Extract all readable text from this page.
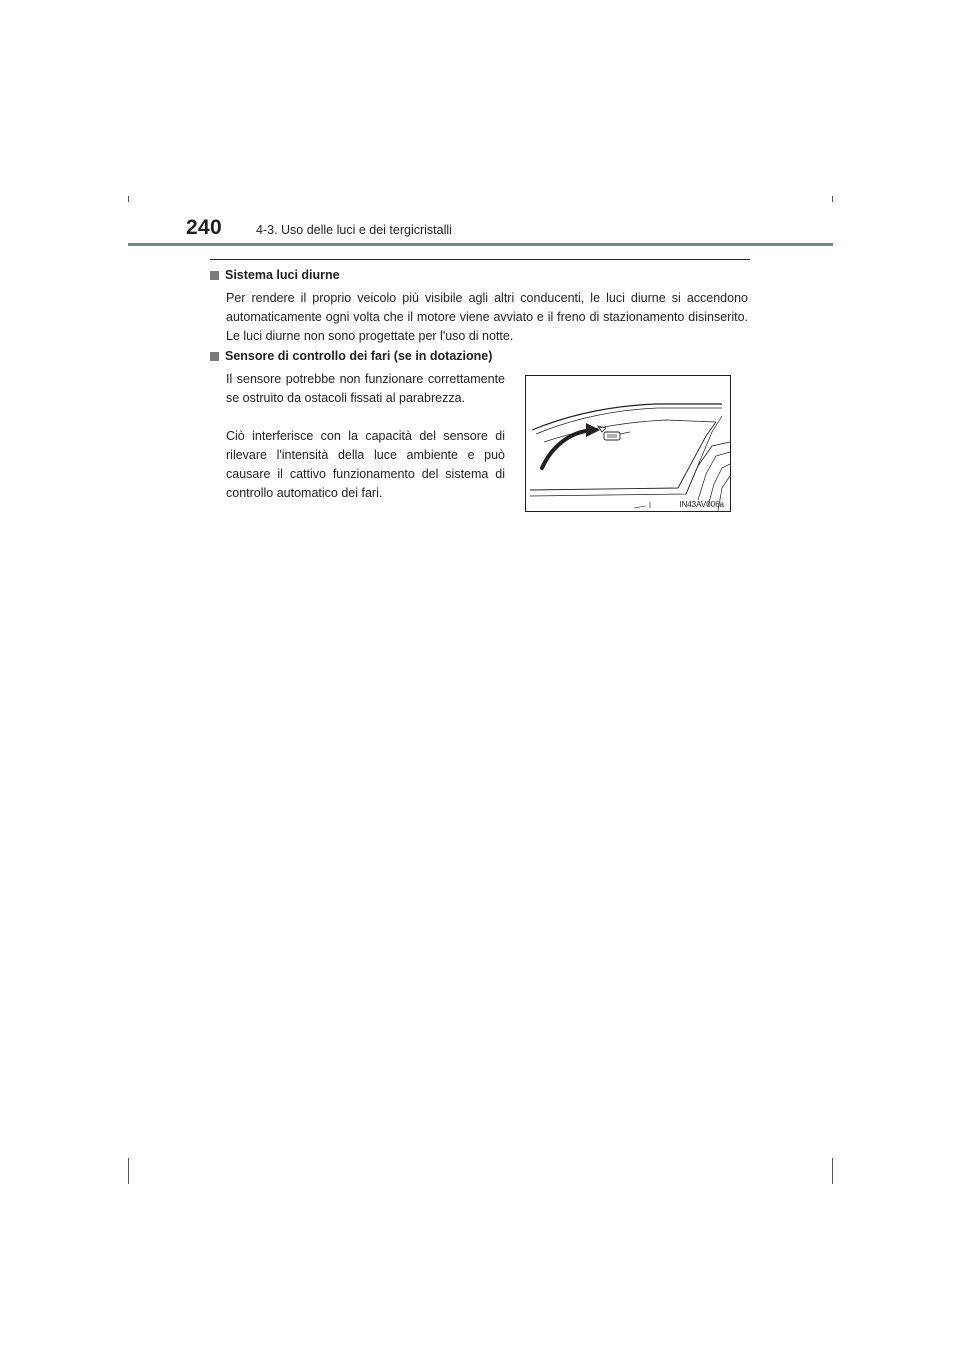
240	4-3. Uso delle luci e dei tergicristalli
Sistema luci diurne

Per rendere il proprio veicolo più visibile agli altri conducenti, le luci diurne si accendono automaticamente ogni volta che il motore viene avviato e il freno di stazionamento disinserito. Le luci diurne non sono progettate per l'uso di notte.

Sensore di controllo dei fari (se in dotazione)

Il sensore potrebbe non funzionare correttamente se ostruito da ostacoli fissati al parabrezza.

Ciò interferisce con la capacità del sensore di rilevare l'intensità della luce ambiente e può causare il cattivo funzionamento del sistema di controllo automatico dei fari.

IN43AV006a
